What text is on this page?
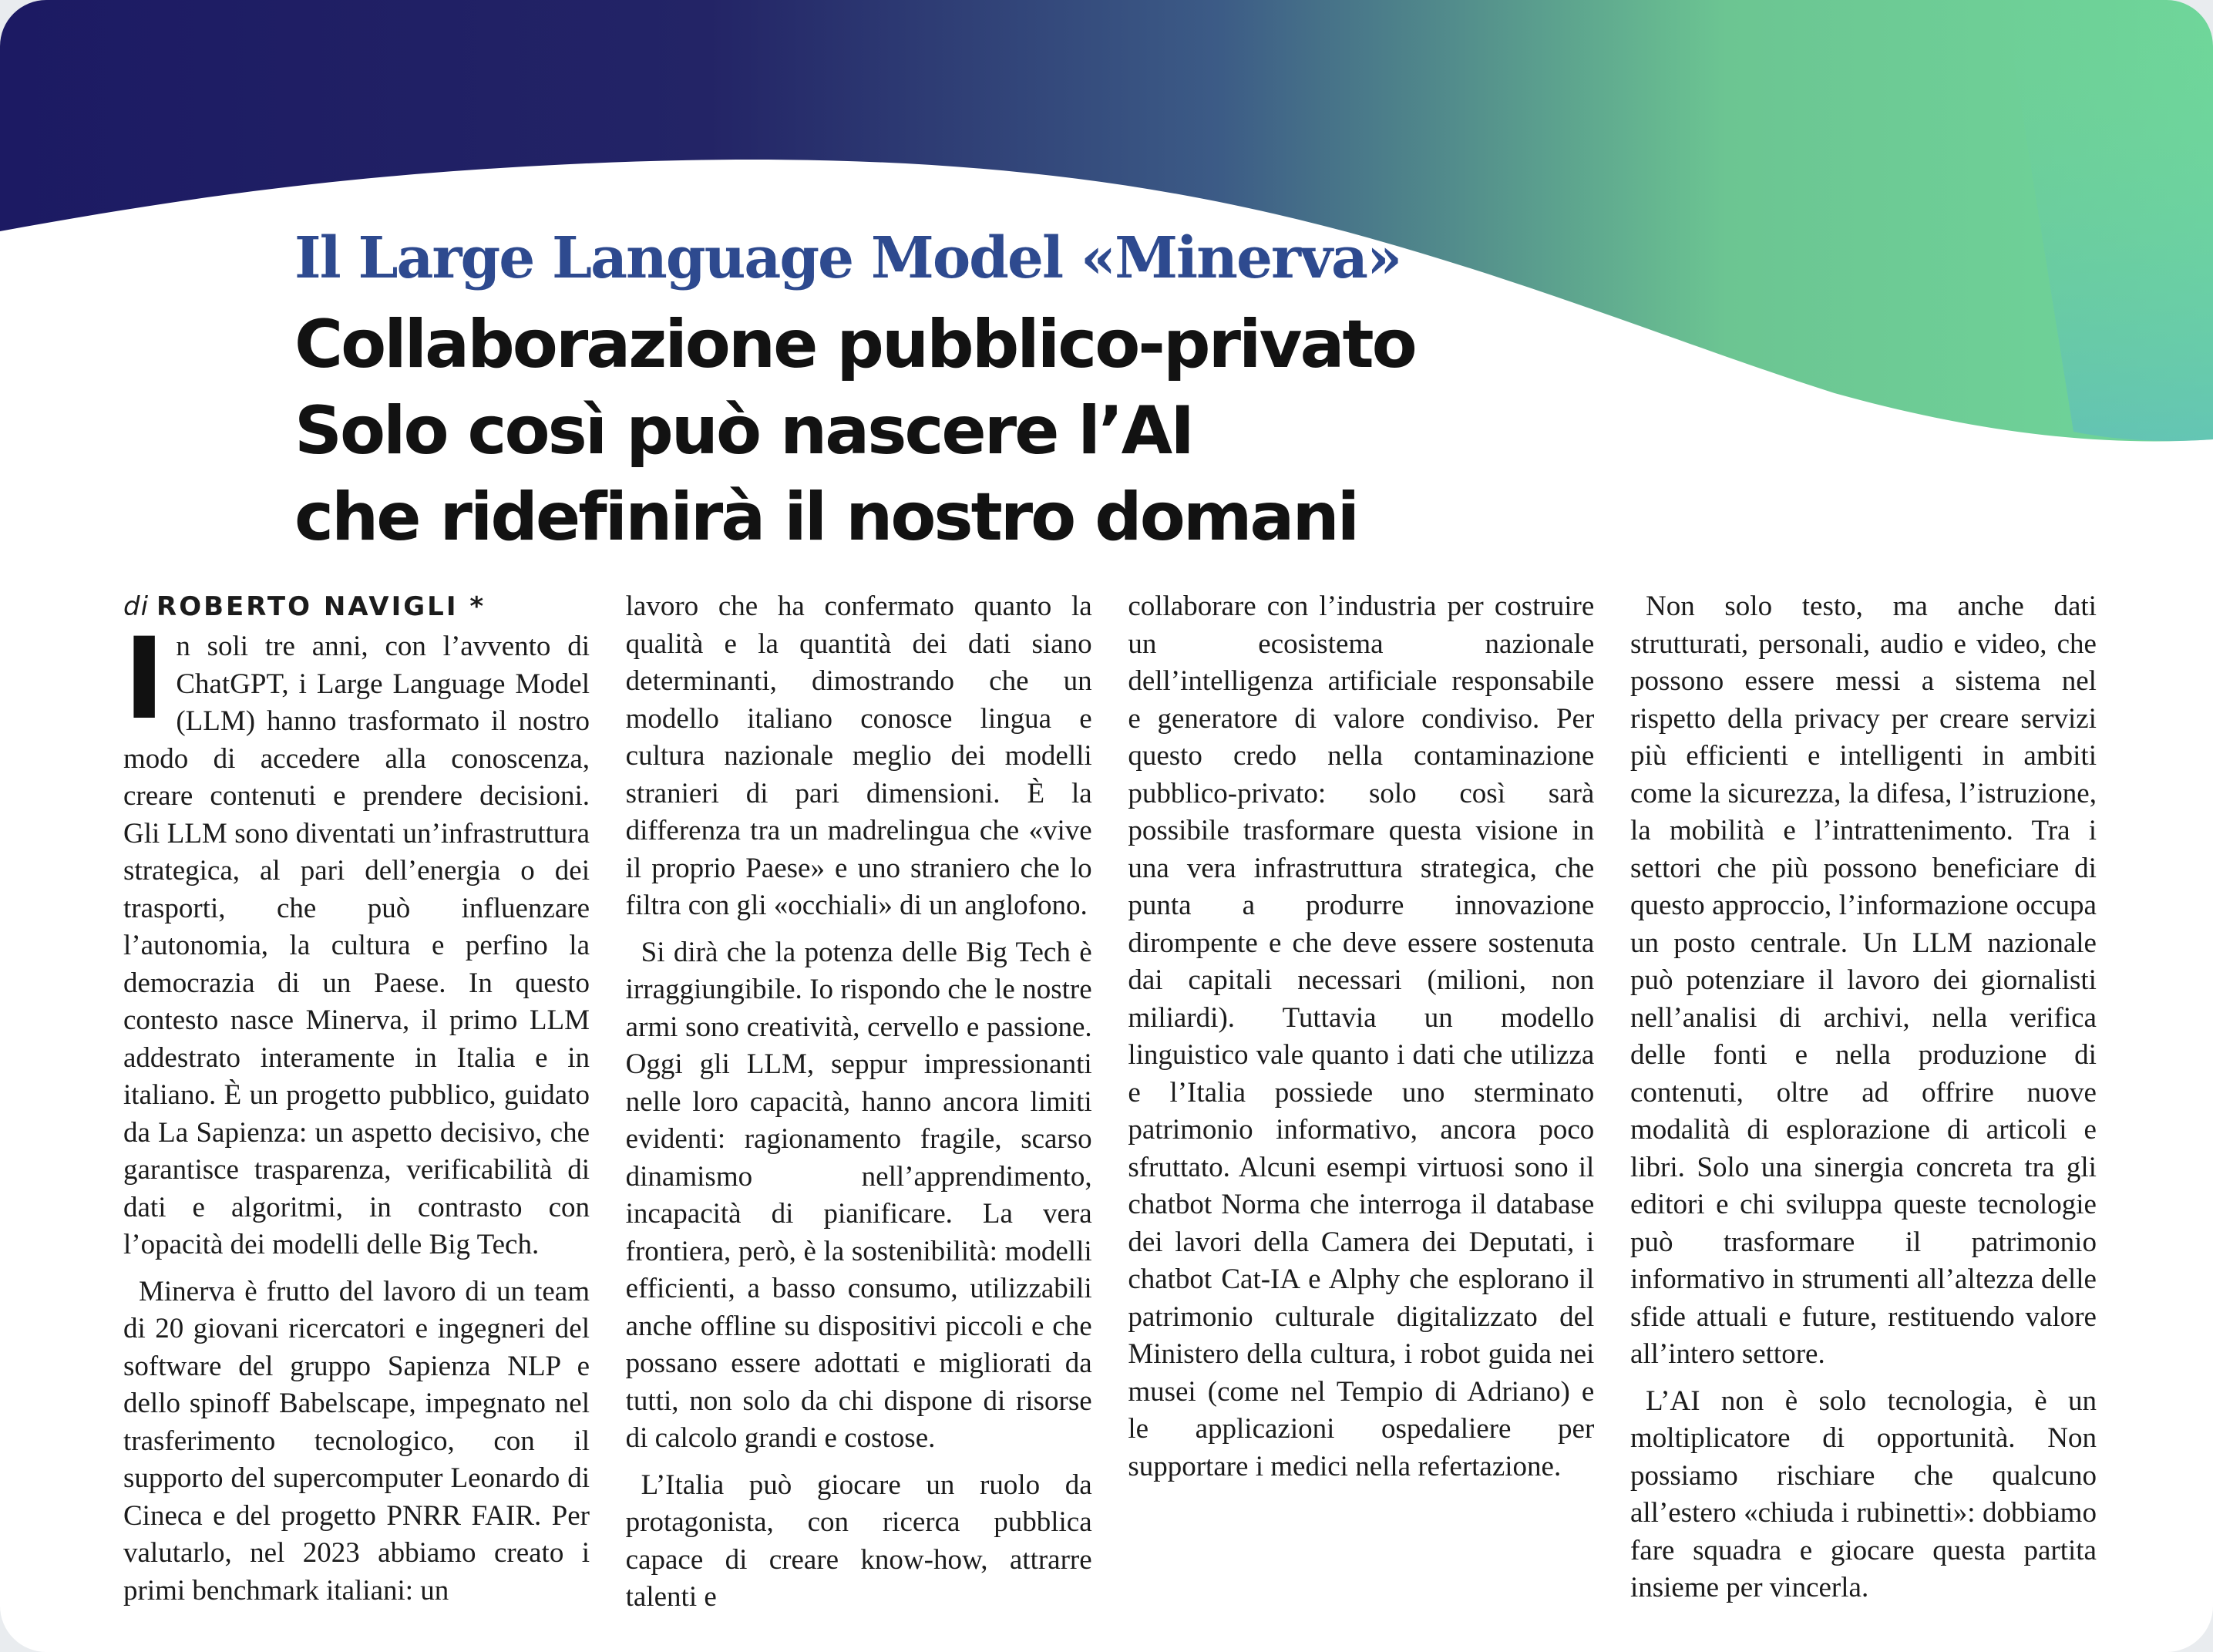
Il Large Language Model «Minerva»
Collaborazione pubblico-privato
Solo così può nascere l’AI
che ridefinirà il nostro domani
di ROBERTO NAVIGLI *

In soli tre anni, con l’avvento di ChatGPT, i Large Language Model (LLM) hanno trasformato il nostro modo di accedere alla conoscenza, creare contenuti e prendere decisioni. Gli LLM sono diventati un’infrastruttura strategica, al pari dell’energia o dei trasporti, che può influenzare l’autonomia, la cultura e perfino la democrazia di un Paese. In questo contesto nasce Minerva, il primo LLM addestrato interamente in Italia e in italiano. È un progetto pubblico, guidato da La Sapienza: un aspetto decisivo, che garantisce trasparenza, verificabilità di dati e algoritmi, in contrasto con l’opacità dei modelli delle Big Tech.

Minerva è frutto del lavoro di un team di 20 giovani ricercatori e ingegneri del software del gruppo Sapienza NLP e dello spinoff Babelscape, impegnato nel trasferimento tecnologico, con il supporto del supercomputer Leonardo di Cineca e del progetto PNRR FAIR. Per valutarlo, nel 2023 abbiamo creato i primi benchmark italiani: un

lavoro che ha confermato quanto la qualità e la quantità dei dati siano determinanti, dimostrando che un modello italiano conosce lingua e cultura nazionale meglio dei modelli stranieri di pari dimensioni. È la differenza tra un madrelingua che «vive il proprio Paese» e uno straniero che lo filtra con gli «occhiali» di un anglofono.

Si dirà che la potenza delle Big Tech è irraggiungibile. Io rispondo che le nostre armi sono creatività, cervello e passione. Oggi gli LLM, seppur impressionanti nelle loro capacità, hanno ancora limiti evidenti: ragionamento fragile, scarso dinamismo nell’apprendimento, incapacità di pianificare. La vera frontiera, però, è la sostenibilità: modelli efficienti, a basso consumo, utilizzabili anche offline su dispositivi piccoli e che possano essere adottati e migliorati da tutti, non solo da chi dispone di risorse di calcolo grandi e costose.

L’Italia può giocare un ruolo da protagonista, con ricerca pubblica capace di creare know-how, attrarre talenti e

collaborare con l’industria per costruire un ecosistema nazionale dell’intelligenza artificiale responsabile e generatore di valore condiviso. Per questo credo nella contaminazione pubblico-privato: solo così sarà possibile trasformare questa visione in una vera infrastruttura strategica, che punta a produrre innovazione dirompente e che deve essere sostenuta dai capitali necessari (milioni, non miliardi). Tuttavia un modello linguistico vale quanto i dati che utilizza e l’Italia possiede uno sterminato patrimonio informativo, ancora poco sfruttato. Alcuni esempi virtuosi sono il chatbot Norma che interroga il database dei lavori della Camera dei Deputati, i chatbot Cat-IA e Alphy che esplorano il patrimonio culturale digitalizzato del Ministero della cultura, i robot guida nei musei (come nel Tempio di Adriano) e le applicazioni ospedaliere per supportare i medici nella refertazione.

Non solo testo, ma anche dati strutturati, personali, audio e video, che possono essere messi a sistema nel rispetto della privacy per creare servizi più efficienti e intelligenti in ambiti come la sicurezza, la difesa, l’istruzione, la mobilità e l’intrattenimento. Tra i settori che più possono beneficiare di questo approccio, l’informazione occupa un posto centrale. Un LLM nazionale può potenziare il lavoro dei giornalisti nell’analisi di archivi, nella verifica delle fonti e nella produzione di contenuti, oltre ad offrire nuove modalità di esplorazione di articoli e libri. Solo una sinergia concreta tra gli editori e chi sviluppa queste tecnologie può trasformare il patrimonio informativo in strumenti all’altezza delle sfide attuali e future, restituendo valore all’intero settore.

L’AI non è solo tecnologia, è un moltiplicatore di opportunità. Non possiamo rischiare che qualcuno all’estero «chiuda i rubinetti»: dobbiamo fare squadra e giocare questa partita insieme per vincerla.
